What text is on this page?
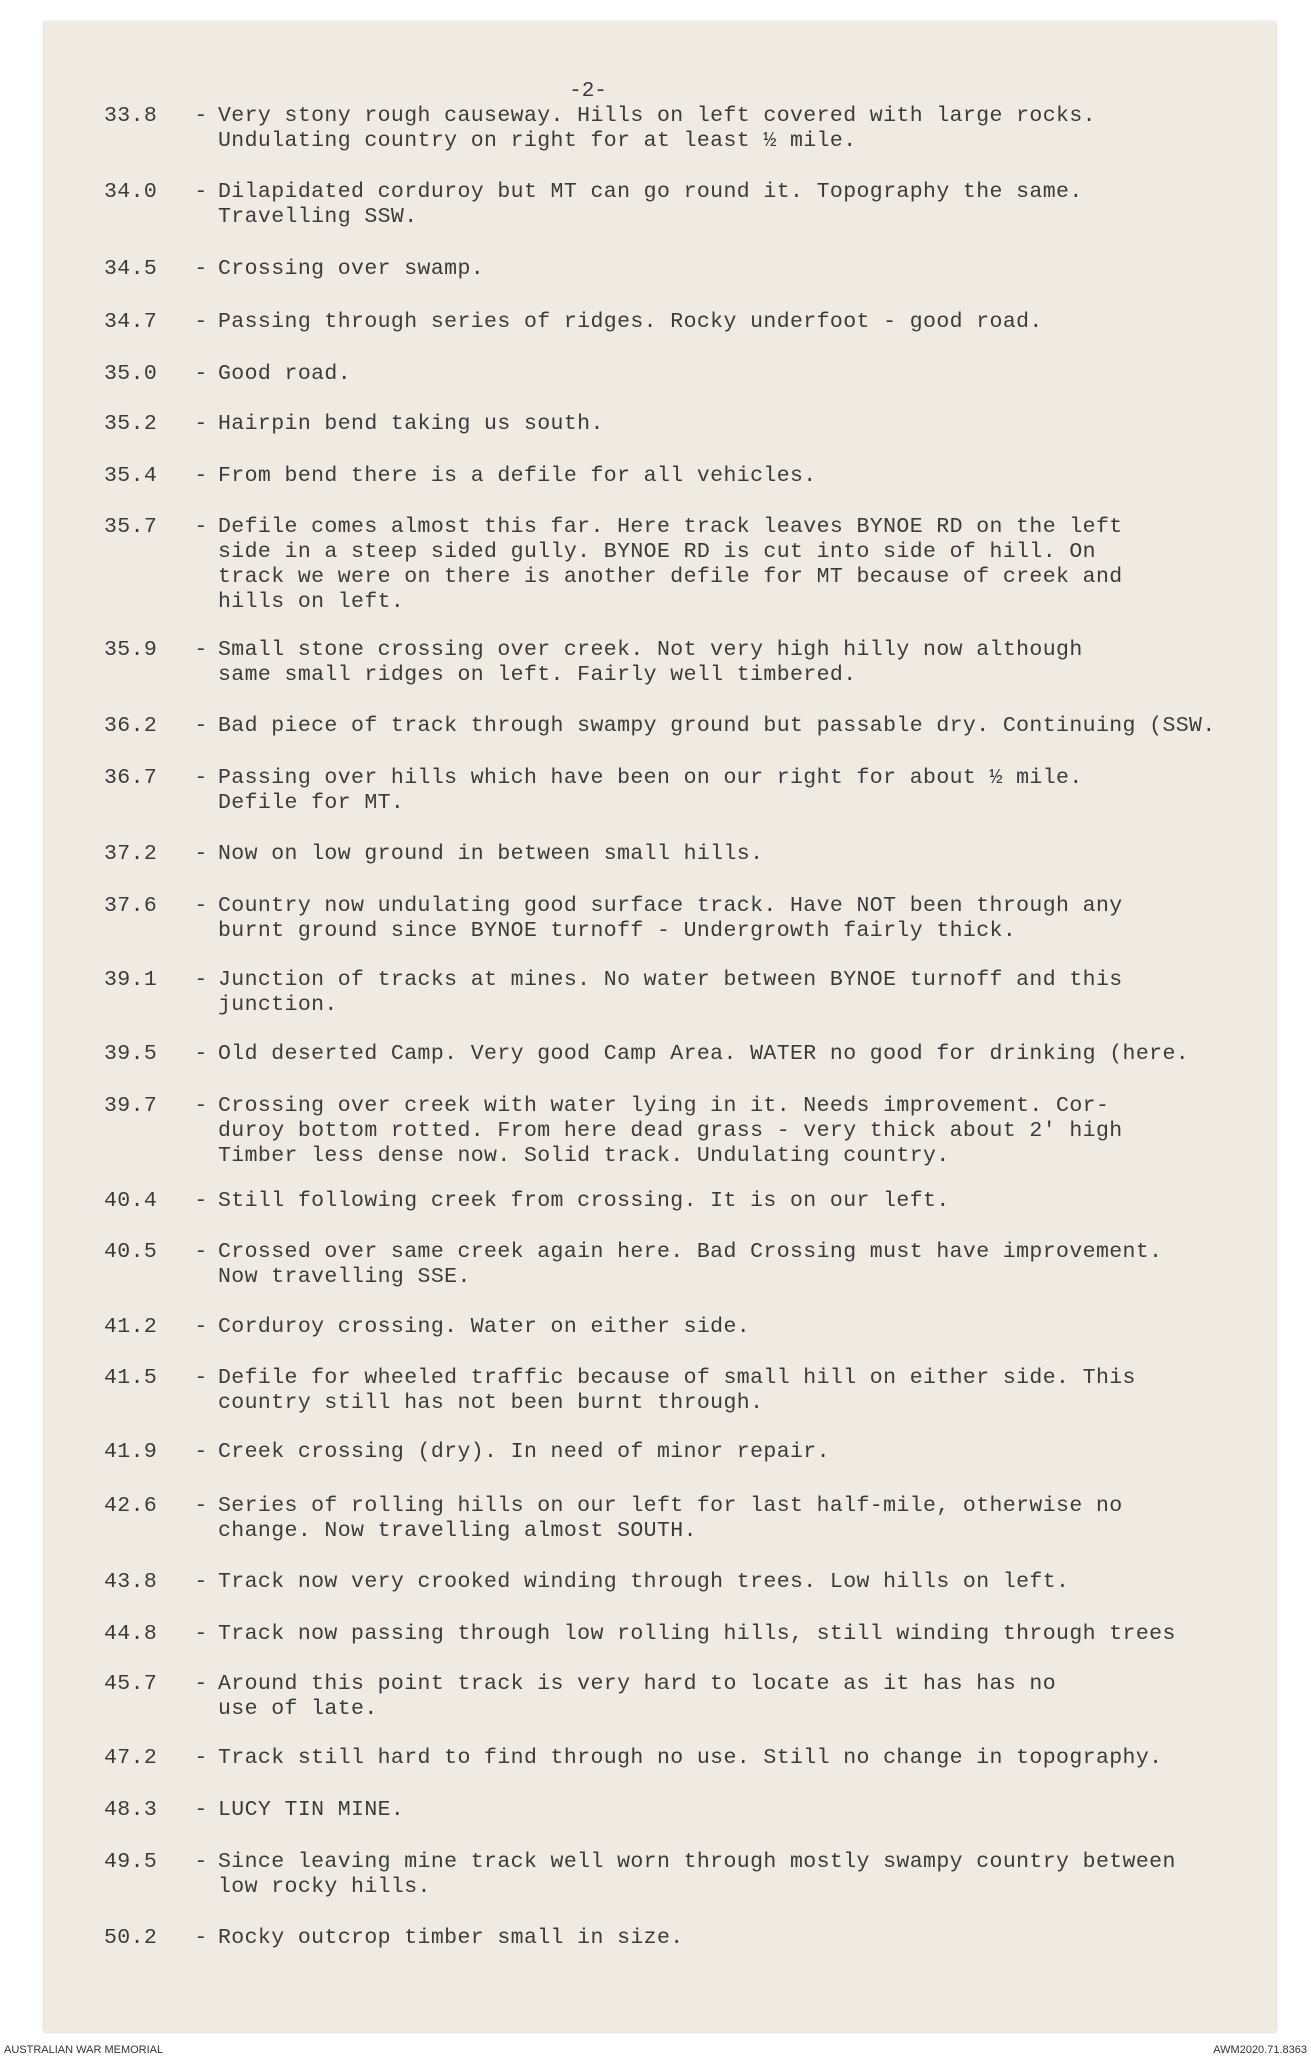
-2-
33.8	- Very stony rough causeway. Hills on left covered with large rocks.
Undulating country on right for at least ½ mile.
34.0	- Dilapidated corduroy but MT can go round it. Topography the same.
Travelling SSW.
34.5	- Crossing over swamp.
34.7	- Passing through series of ridges. Rocky underfoot - good road.
35.0	- Good road.
35.2	- Hairpin bend taking us south.
35.4	- From bend there is a defile for all vehicles.
35.7	- Defile comes almost this far. Here track leaves BYNOE RD on the left
side in a steep sided gully. BYNOE RD is cut into side of hill. On
track we were on there is another defile for MT because of creek and
hills on left.
35.9	- Small stone crossing over creek. Not very high hilly now although
same small ridges on left. Fairly well timbered.
36.2	- Bad piece of track through swampy ground but passable dry. Continuing (SSW.
36.7	- Passing over hills which have been on our right for about ½ mile.
Defile for MT.
37.2	- Now on low ground in between small hills.
37.6	- Country now undulating good surface track. Have NOT been through any
burnt ground since BYNOE turnoff - Undergrowth fairly thick.
39.1	- Junction of tracks at mines. No water between BYNOE turnoff and this
junction.
39.5	- Old deserted Camp. Very good Camp Area. WATER no good for drinking (here.
39.7	- Crossing over creek with water lying in it. Needs improvement. Cor-
duroy bottom rotted. From here dead grass - very thick about 2' high
Timber less dense now. Solid track. Undulating country.
40.4	- Still following creek from crossing. It is on our left.
40.5	- Crossed over same creek again here. Bad Crossing must have improvement.
Now travelling SSE.
41.2	- Corduroy crossing. Water on either side.
41.5	- Defile for wheeled traffic because of small hill on either side. This
country still has not been burnt through.
41.9	- Creek crossing (dry). In need of minor repair.
42.6	- Series of rolling hills on our left for last half-mile, otherwise no
change. Now travelling almost SOUTH.
43.8	- Track now very crooked winding through trees. Low hills on left.
44.8	- Track now passing through low rolling hills, still winding through trees
45.7	- Around this point track is very hard to locate as it has has no
use of late.
47.2	- Track still hard to find through no use. Still no change in topography.
48.3	- LUCY TIN MINE.
49.5	- Since leaving mine track well worn through mostly swampy country between
low rocky hills.
50.2	- Rocky outcrop timber small in size.
AUSTRALIAN WAR MEMORIAL	AWM2020.71.8363
